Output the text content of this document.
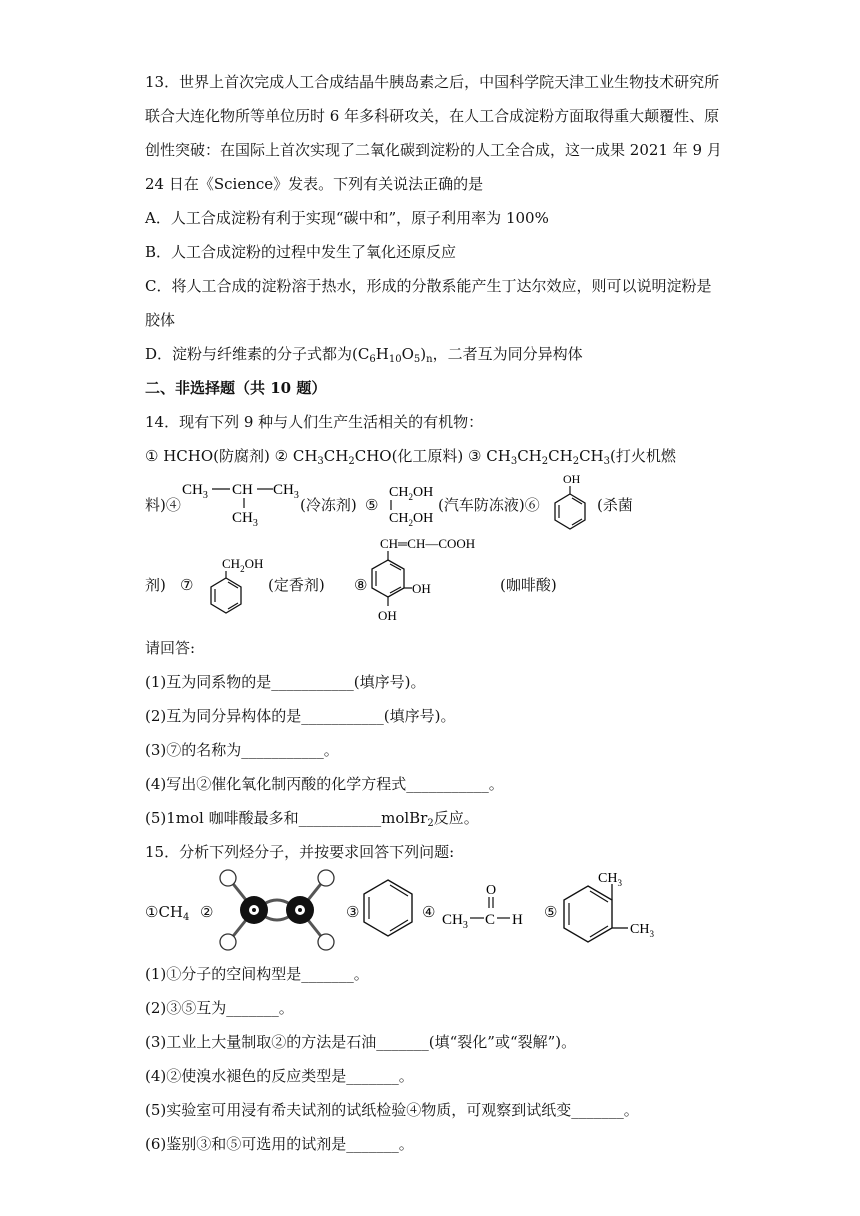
13．世界上首次完成人工合成结晶牛胰岛素之后，中国科学院天津工业生物技术研究所
联合大连化物所等单位历时 6 年多科研攻关，在人工合成淀粉方面取得重大颠覆性、原
创性突破：在国际上首次实现了二氧化碳到淀粉的人工全合成，这一成果 2021 年 9 月
24 日在《Science》发表。下列有关说法正确的是
A．人工合成淀粉有利于实现“碳中和”，原子利用率为 100%
B．人工合成淀粉的过程中发生了氧化还原反应
C．将人工合成的淀粉溶于热水，形成的分散系能产生丁达尔效应，则可以说明淀粉是
胶体
D．淀粉与纤维素的分子式都为$(C_6H_{10}O_5)_n$，二者互为同分异构体
二、非选择题（共 10 题）
14．现有下列 9 种与人们生产生活相关的有机物：
① HCHO(防腐剂) ② $CH_3CH_2CHO$(化工原料) ③ $CH_3CH_2CH_2CH_3$(打火机燃
料)④
$CH_3$ CH $CH_3$
$CH_3$
(冷冻剂) ⑤
$CH_2OH$
$CH_2OH$
(汽车防冻液)⑥
OH
(杀菌
剂) ⑦
$CH_2OH$
(定香剂) ⑧
CH═CH—COOH
OH
OH
(咖啡酸)
请回答:
(1)互为同系物的是___________(填序号)。
(2)互为同分异构体的是___________(填序号)。
(3)⑦的名称为___________。
(4)写出②催化氧化制丙酸的化学方程式___________。
(5)1mol 咖啡酸最多和___________molBr$_2$反应。
15．分析下列烃分子，并按要求回答下列问题:
$①CH_4$ ②	③	④
O
$CH_3$ C H ⑤
$CH_3$
$CH_3$
(1)①分子的空间构型是_______。
(2)③⑤互为_______。
(3)工业上大量制取②的方法是石油_______(填“裂化”或“裂解”)。
(4)②使溴水褪色的反应类型是_______。
(5)实验室可用浸有希夫试剂的试纸检验④物质，可观察到试纸变_______。
(6)鉴别③和⑤可选用的试剂是_______。
